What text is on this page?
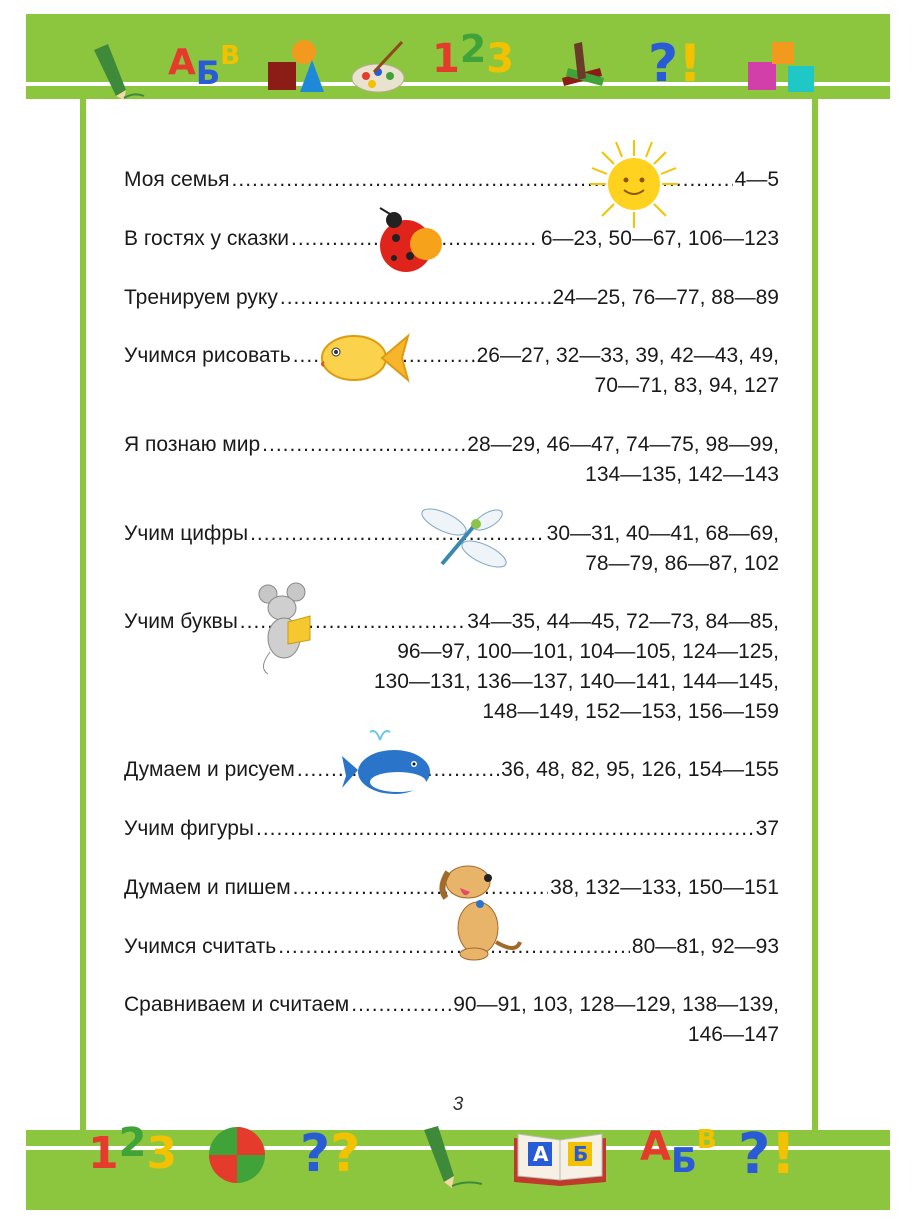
АБВ	123	?!
123 ??	А Б АБВ ?!
Моя семья .....	4—5
В гостях у сказки .....	6—23, 50—67, 106—123
Тренируем руку .....	24—25, 76—77, 88—89
Учимся рисовать .....	26—27, 32—33, 39, 42—43, 49,
70—71, 83, 94, 127
Я познаю мир .....	28—29, 46—47, 74—75, 98—99,
134—135, 142—143
Учим цифры .....	30—31, 40—41, 68—69,
78—79, 86—87, 102
Учим буквы .....	34—35, 44—45, 72—73, 84—85,
96—97, 100—101, 104—105, 124—125,
130—131, 136—137, 140—141, 144—145,
148—149, 152—153, 156—159
Думаем и рисуем .....	36, 48, 82, 95, 126, 154—155
Учим фигуры .....	37
Думаем и пишем .....	38, 132—133, 150—151
Учимся считать .....	80—81, 92—93
Сравниваем и считаем .....	90—91, 103, 128—129, 138—139,
146—147
3
